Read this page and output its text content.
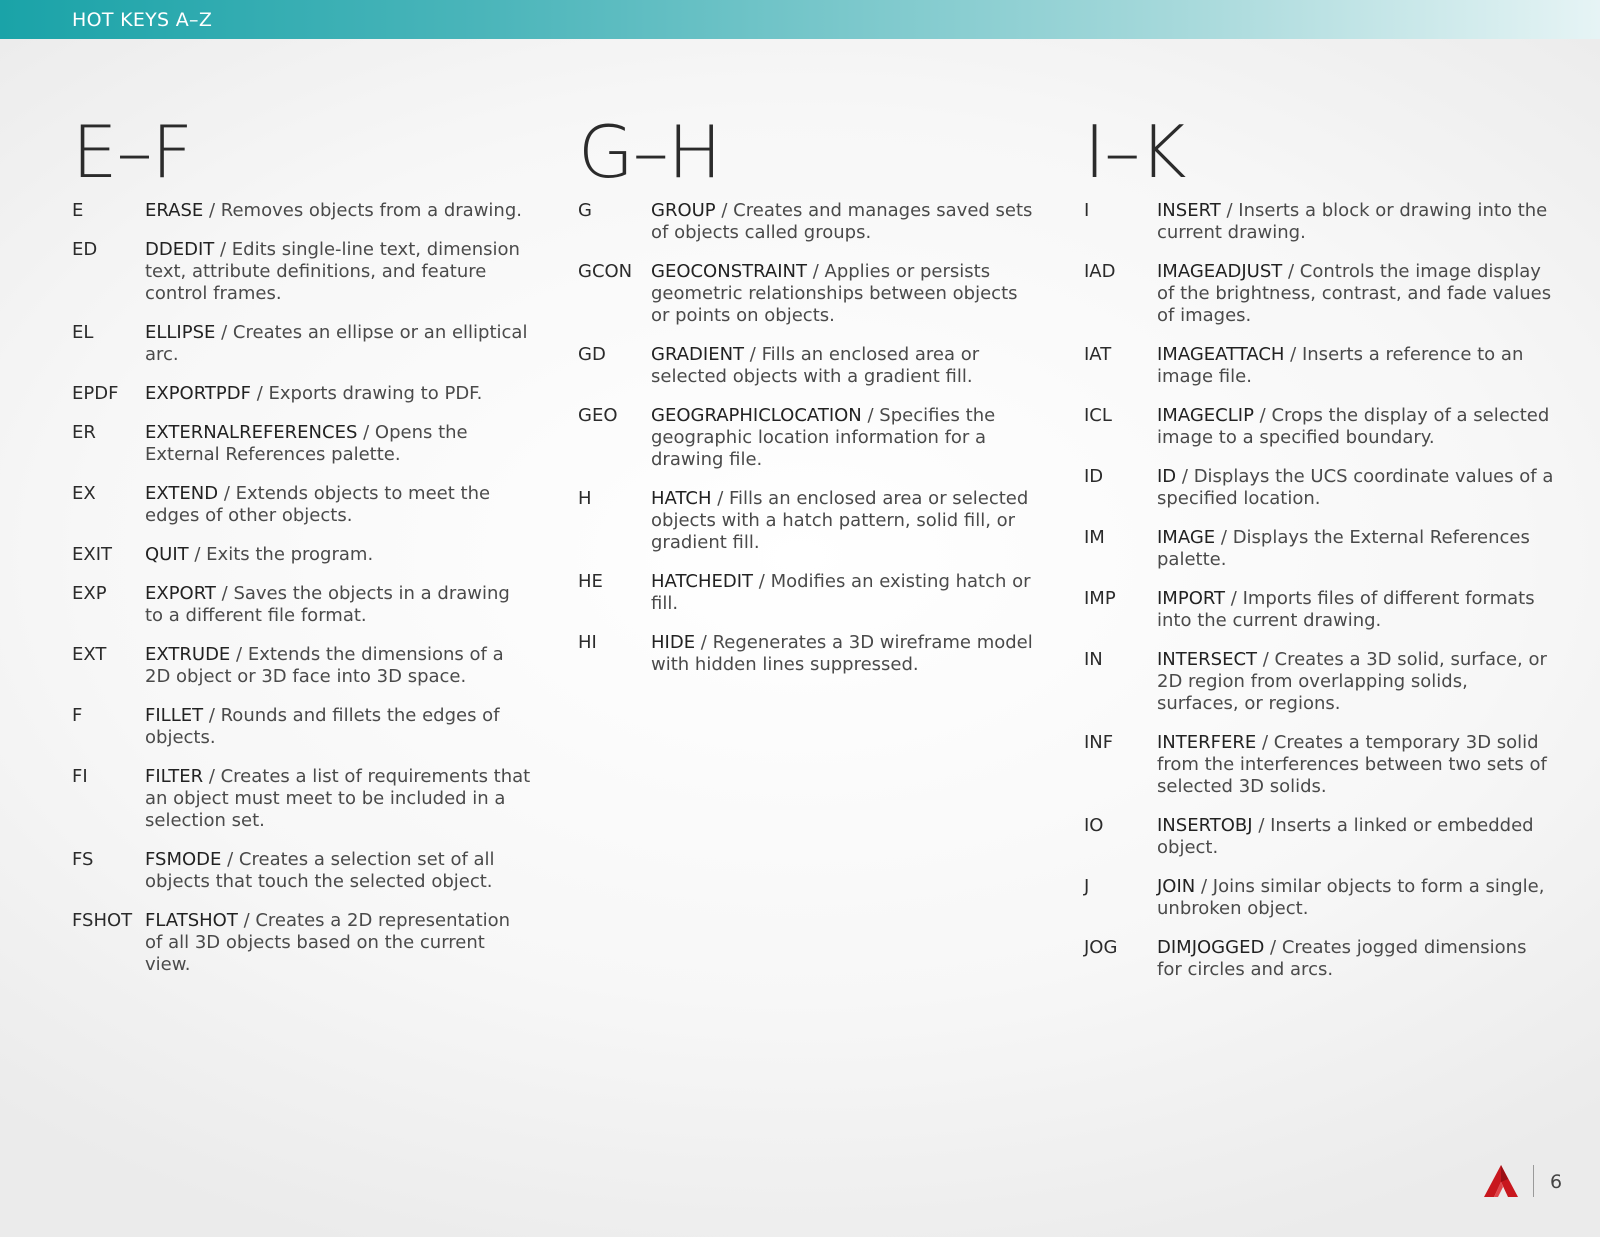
HOT KEYS A–Z
E–F
E	ERASE / Removes objects from a drawing.
ED	DDEDIT / Edits single-line text, dimension text, attribute definitions, and feature control frames.
EL	ELLIPSE / Creates an ellipse or an elliptical arc.
EPDF	EXPORTPDF / Exports drawing to PDF.
ER	EXTERNALREFERENCES / Opens the External References palette.
EX	EXTEND / Extends objects to meet the edges of other objects.
EXIT	QUIT / Exits the program.
EXP	EXPORT / Saves the objects in a drawing to a different file format.
EXT	EXTRUDE / Extends the dimensions of a 2D object or 3D face into 3D space.
F	FILLET / Rounds and fillets the edges of objects.
FI	FILTER / Creates a list of requirements that an object must meet to be included in a selection set.
FS	FSMODE / Creates a selection set of all objects that touch the selected object.
FSHOT FLATSHOT / Creates a 2D representation of all 3D objects based on the current view.
G–H
G	GROUP / Creates and manages saved sets of objects called groups.
GCON	GEOCONSTRAINT / Applies or persists geometric relationships between objects or points on objects.
GD	GRADIENT / Fills an enclosed area or selected objects with a gradient fill.
GEO	GEOGRAPHICLOCATION / Specifies the geographic location information for a drawing file.
H	HATCH / Fills an enclosed area or selected objects with a hatch pattern, solid fill, or gradient fill.
HE	HATCHEDIT / Modifies an existing hatch or fill.
HI	HIDE / Regenerates a 3D wireframe model with hidden lines suppressed.
I–K
I	INSERT / Inserts a block or drawing into the current drawing.
IAD	IMAGEADJUST / Controls the image display of the brightness, contrast, and fade values of images.
IAT	IMAGEATTACH / Inserts a reference to an image file.
ICL	IMAGECLIP / Crops the display of a selected image to a specified boundary.
ID	ID / Displays the UCS coordinate values of a specified location.
IM	IMAGE / Displays the External References palette.
IMP	IMPORT / Imports files of different formats into the current drawing.
IN	INTERSECT / Creates a 3D solid, surface, or 2D region from overlapping solids, surfaces, or regions.
INF	INTERFERE / Creates a temporary 3D solid from the interferences between two sets of selected 3D solids.
IO	INSERTOBJ / Inserts a linked or embedded object.
J	JOIN / Joins similar objects to form a single, unbroken object.
JOG	DIMJOGGED / Creates jogged dimensions for circles and arcs.
6
